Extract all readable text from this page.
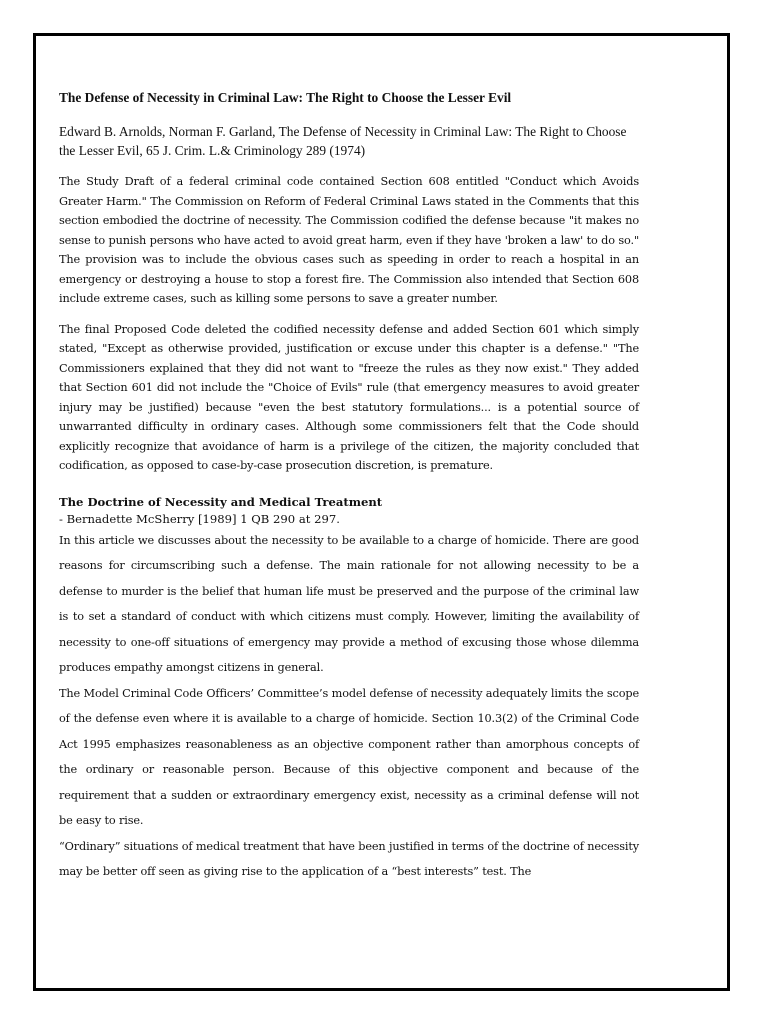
The Defense of Necessity in Criminal Law: The Right to Choose the Lesser Evil

Edward B. Arnolds, Norman F. Garland, The Defense of Necessity in Criminal Law: The Right to Choose the Lesser Evil, 65 J. Crim. L.& Criminology 289 (1974)

The Study Draft of a federal criminal code contained Section 608 entitled "Conduct which Avoids Greater Harm." The Commission on Reform of Federal Criminal Laws stated in the Comments that this section embodied the doctrine of necessity. The Commission codified the defense because "it makes no sense to punish persons who have acted to avoid great harm, even if they have 'broken a law' to do so." The provision was to include the obvious cases such as speeding in order to reach a hospital in an emergency or destroying a house to stop a forest fire. The Commission also intended that Section 608 include extreme cases, such as killing some persons to save a greater number.

The final Proposed Code deleted the codified necessity defense and added Section 601 which simply stated, "Except as otherwise provided, justification or excuse under this chapter is a defense." "The Commissioners explained that they did not want to "freeze the rules as they now exist." They added that Section 601 did not include the "Choice of Evils" rule (that emergency measures to avoid greater injury may be justified) because "even the best statutory formulations... is a potential source of unwarranted difficulty in ordinary cases. Although some commissioners felt that the Code should explicitly recognize that avoidance of harm is a privilege of the citizen, the majority concluded that codification, as opposed to case-by-case prosecution discretion, is premature.

The Doctrine of Necessity and Medical Treatment
- Bernadette McSherry [1989] 1 QB 290 at 297.

In this article we discusses about the necessity to be available to a charge of homicide. There are good reasons for circumscribing such a defense. The main rationale for not allowing necessity to be a defense to murder is the belief that human life must be preserved and the purpose of the criminal law is to set a standard of conduct with which citizens must comply. However, limiting the availability of necessity to one-off situations of emergency may provide a method of excusing those whose dilemma produces empathy amongst citizens in general.

The Model Criminal Code Officers’ Committee’s model defense of necessity adequately limits the scope of the defense even where it is available to a charge of homicide. Section 10.3(2) of the Criminal Code Act 1995 emphasizes reasonableness as an objective component rather than amorphous concepts of the ordinary or reasonable person. Because of this objective component and because of the requirement that a sudden or extraordinary emergency exist, necessity as a criminal defense will not be easy to rise.

“Ordinary” situations of medical treatment that have been justified in terms of the doctrine of necessity may be better off seen as giving rise to the application of a “best interests” test. The
